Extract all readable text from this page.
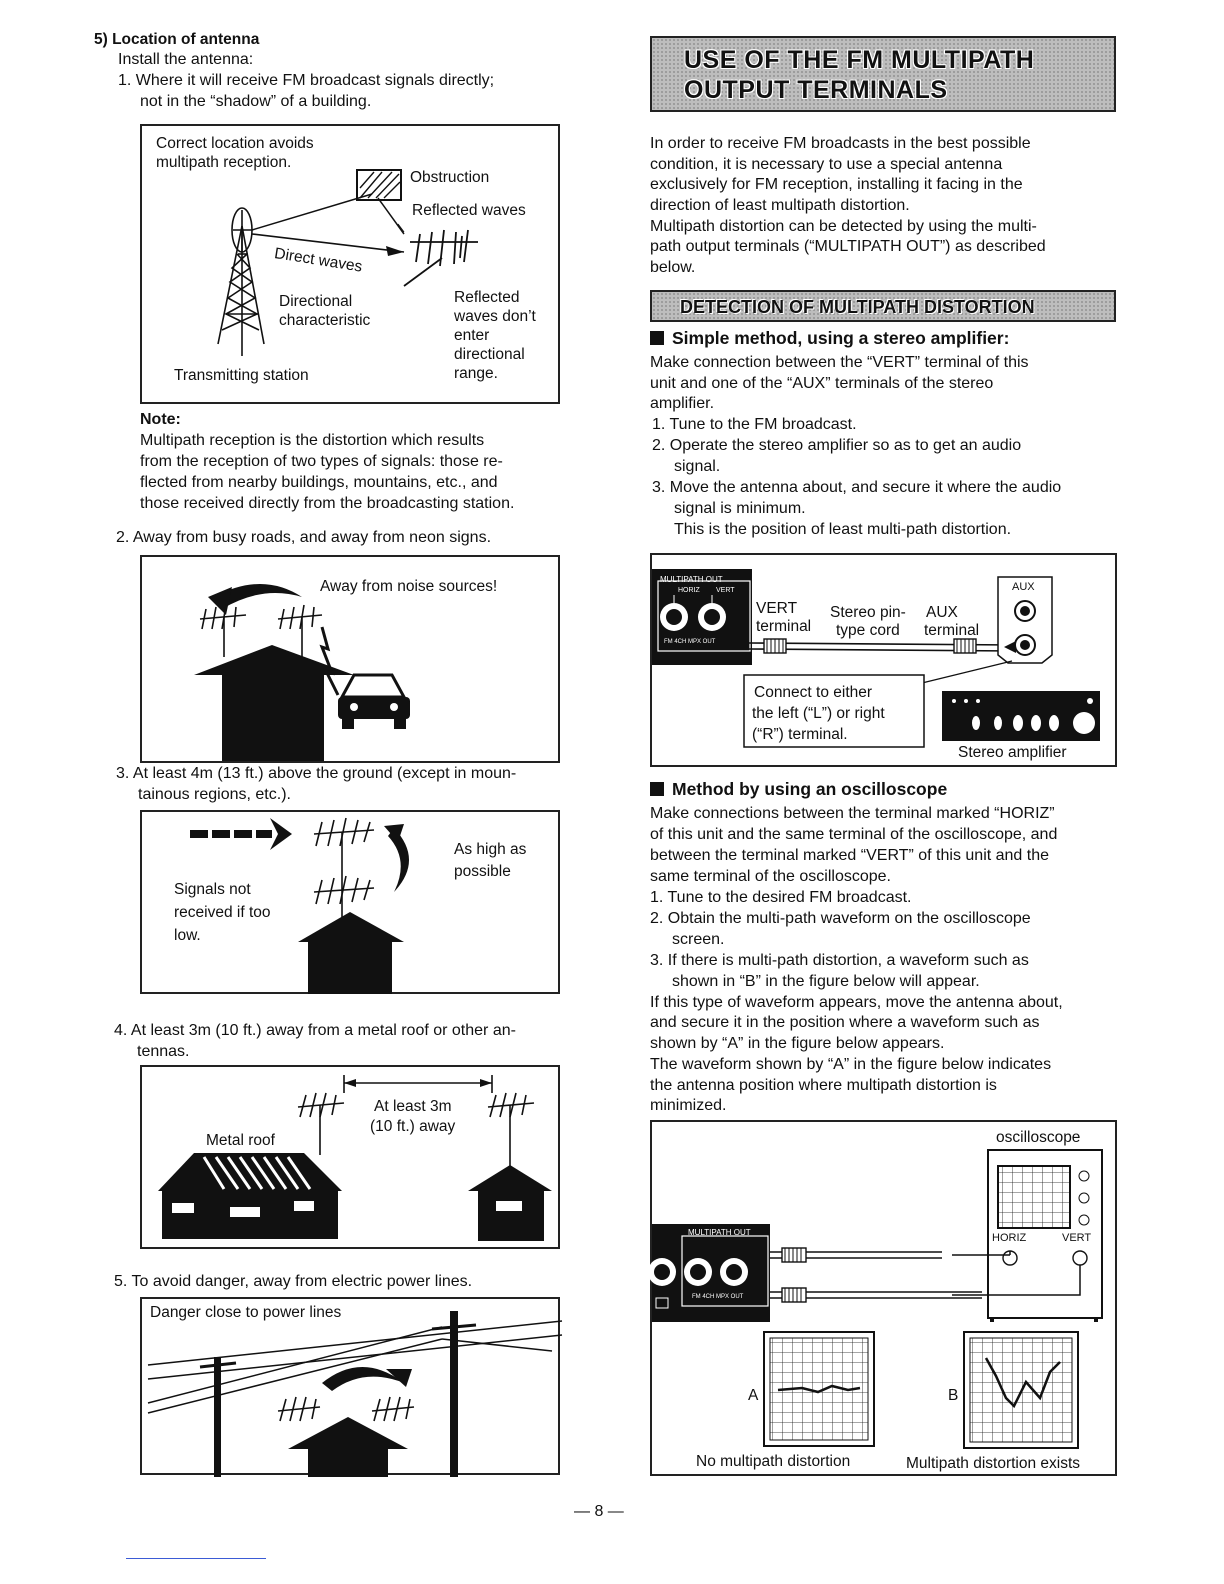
5) Location of antenna
Install the antenna:
1. Where it will receive FM broadcast signals directly;
not in the “shadow” of a building.
Correct location avoids
multipath reception.
Obstruction
Reflected waves
Direct waves
Directional
characteristic
Reflected
waves don’t
enter
directional
range.
Transmitting station
Note:
Multipath reception is the distortion which results
from the reception of two types of signals: those re-
flected from nearby buildings, mountains, etc., and
those received directly from the broadcasting station.
2. Away from busy roads, and away from neon signs.
Away from noise sources!
3. At least 4m (13 ft.) above the ground (except in moun-
tainous regions, etc.).
As high as
possible
Signals not
received if too
low.
4. At least 3m (10 ft.) away from a metal roof or other an-
tennas.
At least 3m
(10 ft.) away
Metal roof
5. To avoid danger, away from electric power lines.
Danger close to power lines
USE OF THE FM MULTIPATH
OUTPUT TERMINALS
In order to receive FM broadcasts in the best possible
condition, it is necessary to use a special antenna
exclusively for FM reception, installing it facing in the
direction of least multipath distortion.
Multipath distortion can be detected by using the multi-
path output terminals (“MULTIPATH OUT”) as described
below.
DETECTION OF MULTIPATH DISTORTION
Simple method, using a stereo amplifier:
Make connection between the “VERT” terminal of this
unit and one of the “AUX” terminals of the stereo
amplifier.
1. Tune to the FM broadcast.
2. Operate the stereo amplifier so as to get an audio
signal.
3. Move the antenna about, and secure it where the audio
signal is minimum.
This is the position of least multi-path distortion.
MULTIPATH OUT
HORIZ VERT
FM 4CH MPX OUT
VERT
terminal
Stereo pin-
type cord
AUX
terminal
AUX
Connect to either
the left (“L”) or right
(“R”) terminal.
Stereo amplifier
Method by using an oscilloscope
Make connections between the terminal marked “HORIZ”
of this unit and the same terminal of the oscilloscope, and
between the terminal marked “VERT” of this unit and the
same terminal of the oscilloscope.
1. Tune to the desired FM broadcast.
2. Obtain the multi-path waveform on the oscilloscope
screen.
3. If there is multi-path distortion, a waveform such as
shown in “B” in the figure below will appear.
If this type of waveform appears, move the antenna about,
and secure it in the position where a waveform such as
shown by “A” in the figure below appears.
The waveform shown by “A” in the figure below indicates
the antenna position where multipath distortion is
minimized.
oscilloscope
HORIZ	VERT
MULTIPATH OUT
FM 4CH MPX OUT
A	B
No multipath distortion	Multipath distortion exists
— 8 —
